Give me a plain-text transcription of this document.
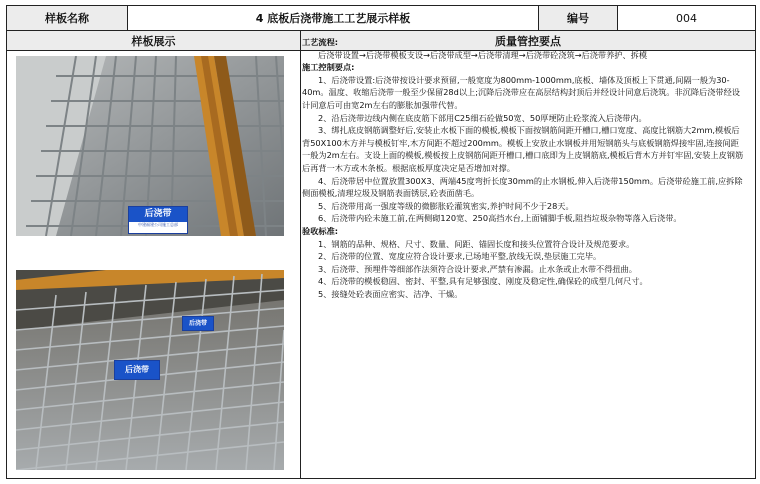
样板名称	4 底板后浇带施工工艺展示样板	编号	004
样板展示	质量管控要点
后浇带
中建福建公司施工总部
后浇带
后浇带

工艺流程:

后浇带设置→后浇带模板支设→后浇带成型→后浇带清理→后浇带砼浇筑→后浇带养护、拆模

施工控制要点:

1、后浇带设置:后浇带按设计要求预留,一般宽度为800mm-1000mm,底板、墙体及顶板上下贯通,间隔一般为30-40m。温度、收缩后浇带一般至少保留28d以上;沉降后浇带应在高层结构封顶后并经设计同意后浇筑。非沉降后浇带经设计同意后可由宽2m左右的膨胀加强带代替。

2、沿后浇带边线内侧在底皮筋下部用C25细石砼做50宽、50厚埂防止砼浆流入后浇带内。

3、绑扎底皮钢筋调整好后,安装止水板下面的模板,模板下面按钢筋间距开槽口,槽口宽度、高度比钢筋大2mm,模板后背50X100木方并与模板钉牢,木方间距不超过200mm。模板上安放止水钢板并用短钢筋头与底板钢筋焊接牢固,连接间距一般为2m左右。支设上面的模板,模板按上皮钢筋间距开槽口,槽口底即为上皮钢筋底,模板后背木方并钉牢固,安装上皮钢筋后再背一木方或木条板。根据底板厚度决定是否增加对撑。

4、后浇带居中位置放置300X3、两端45度弯折长度30mm的止水钢板,伸入后浇带150mm。后浇带砼施工前,应拆除侧面模板,清理垃圾及钢筋表面锈层,砼表面凿毛。

5、后浇带用高一强度等级的微膨胀砼灌筑密实,养护时间不少于28天。

6、后浇带内砼未施工前,在两侧砌120宽、250高挡水台,上面铺脚手板,阻挡垃圾杂物等落入后浇带。

验收标准:

1、钢筋的品种、规格、尺寸、数量、间距、锚固长度和接头位置符合设计及规范要求。

2、后浇带的位置、宽度应符合设计要求,已场地平整,放线无误,垫层施工完毕。

3、后浇带、预埋件等细部作法须符合设计要求,严禁有渗漏。止水条或止水带不得扭曲。

4、后浇带的模板稳固、密封、平整,具有足够强度、刚度及稳定性,确保砼的成型几何尺寸。

5、接缝处砼表面应密实、洁净、干燥。
